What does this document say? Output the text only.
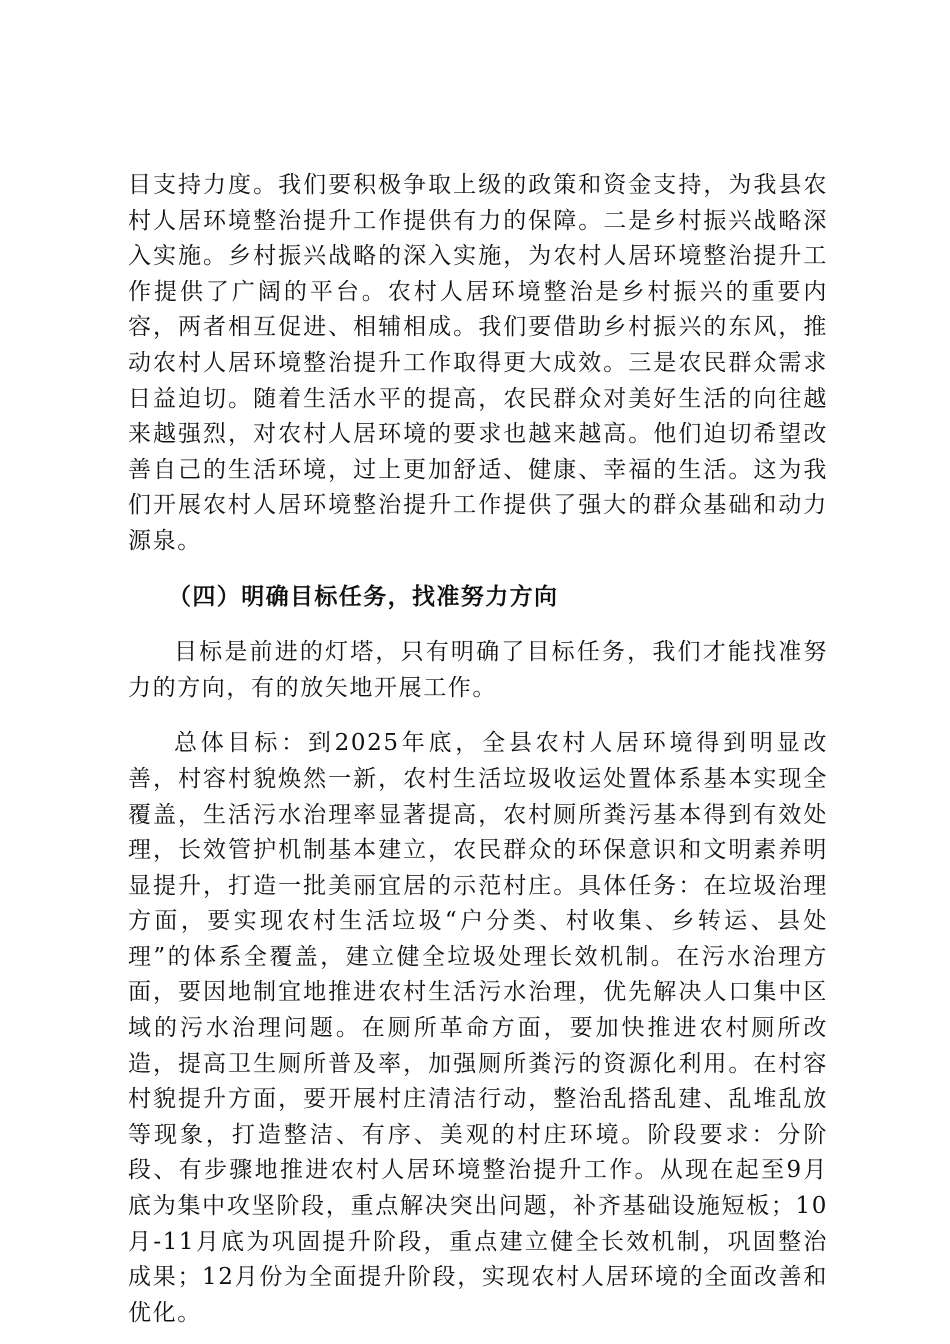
目支持力度。我们要积极争取上级的政策和资金支持，为我县农村人居环境整治提升工作提供有力的保障。二是乡村振兴战略深入实施。乡村振兴战略的深入实施，为农村人居环境整治提升工作提供了广阔的平台。农村人居环境整治是乡村振兴的重要内容，两者相互促进、相辅相成。我们要借助乡村振兴的东风，推动农村人居环境整治提升工作取得更大成效。三是农民群众需求日益迫切。随着生活水平的提高，农民群众对美好生活的向往越来越强烈，对农村人居环境的要求也越来越高。他们迫切希望改善自己的生活环境，过上更加舒适、健康、幸福的生活。这为我们开展农村人居环境整治提升工作提供了强大的群众基础和动力源泉。

（四）明确目标任务，找准努力方向

目标是前进的灯塔，只有明确了目标任务，我们才能找准努力的方向，有的放矢地开展工作。

总体目标：到2025年底，全县农村人居环境得到明显改善，村容村貌焕然一新，农村生活垃圾收运处置体系基本实现全覆盖，生活污水治理率显著提高，农村厕所粪污基本得到有效处理，长效管护机制基本建立，农民群众的环保意识和文明素养明显提升，打造一批美丽宜居的示范村庄。具体任务：在垃圾治理方面，要实现农村生活垃圾“户分类、村收集、乡转运、县处理”的体系全覆盖，建立健全垃圾处理长效机制。在污水治理方面，要因地制宜地推进农村生活污水治理，优先解决人口集中区域的污水治理问题。在厕所革命方面，要加快推进农村厕所改造，提高卫生厕所普及率，加强厕所粪污的资源化利用。在村容村貌提升方面，要开展村庄清洁行动，整治乱搭乱建、乱堆乱放等现象，打造整洁、有序、美观的村庄环境。阶段要求：分阶段、有步骤地推进农村人居环境整治提升工作。从现在起至9月底为集中攻坚阶段，重点解决突出问题，补齐基础设施短板；10月-11月底为巩固提升阶段，重点建立健全长效机制，巩固整治成果；12月份为全面提升阶段，实现农村人居环境的全面改善和优化。
